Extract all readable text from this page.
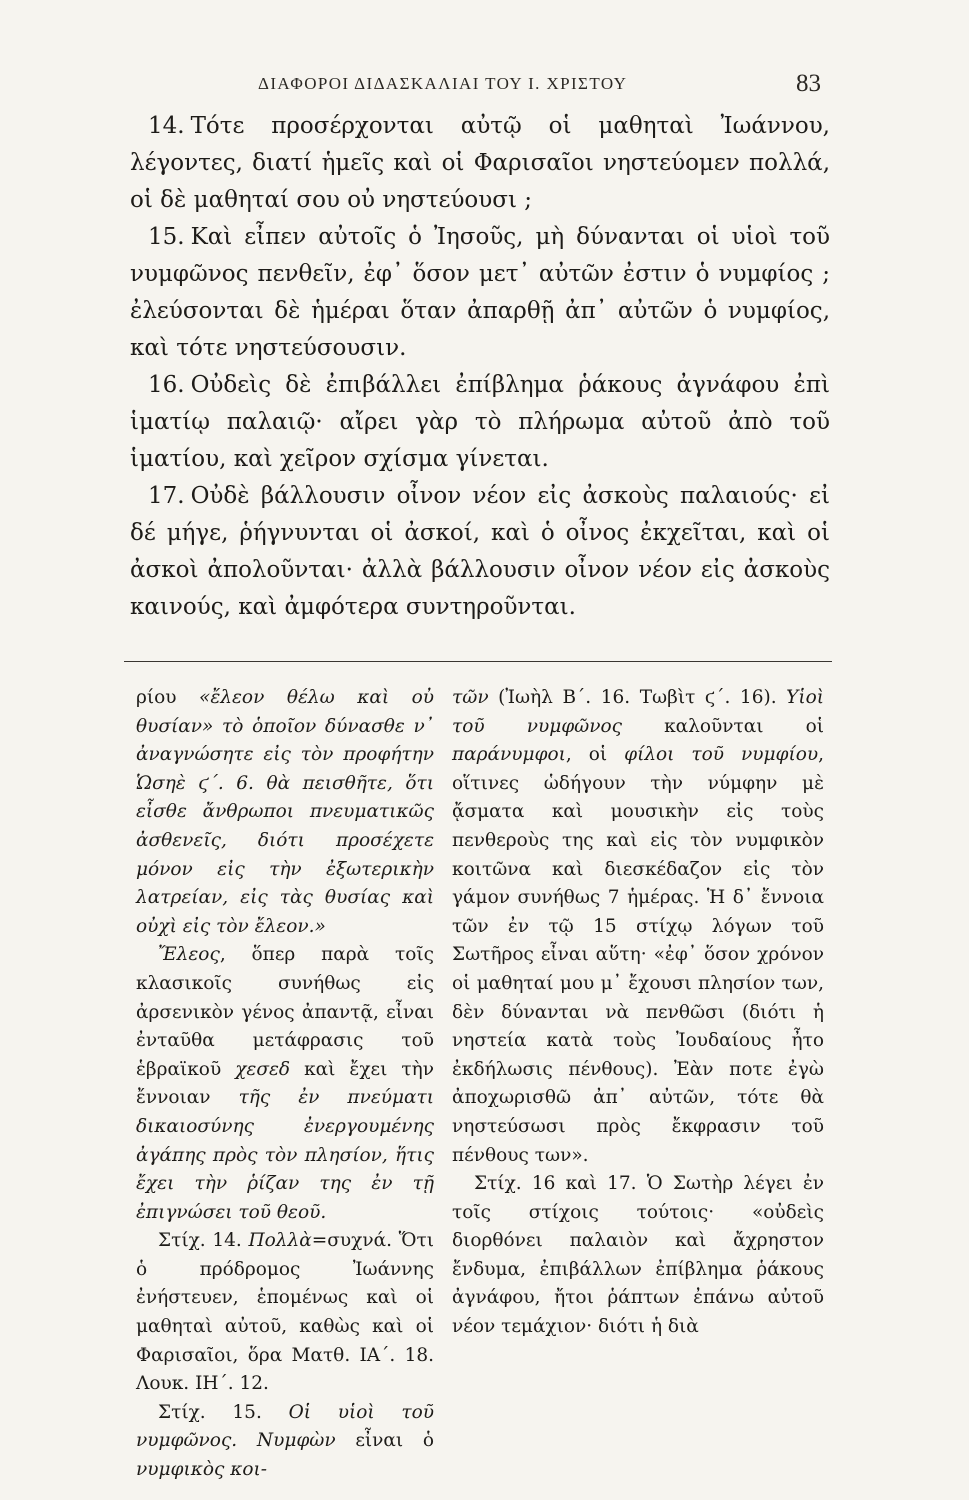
ΔΙΑΦΟΡΟΙ ΔΙΔΑΣΚΑΛΙΑΙ ΤΟΥ Ι. ΧΡΙΣΤΟΥ	83

14. Τότε προσέρχονται αὐτῷ οἱ μαθηταὶ Ἰωάννου, λέγοντες, διατί ἡμεῖς καὶ οἱ Φαρισαῖοι νηστεύομεν πολλά, οἱ δὲ μαθηταί σου οὐ νηστεύουσι ;

15. Καὶ εἶπεν αὐτοῖς ὁ Ἰησοῦς, μὴ δύνανται οἱ υἱοὶ τοῦ νυμφῶνος πενθεῖν, ἐφ᾽ ὅσον μετ᾽ αὐτῶν ἐστιν ὁ νυμφίος ; ἐλεύσονται δὲ ἡμέραι ὅταν ἀπαρθῇ ἀπ᾽ αὐτῶν ὁ νυμφίος, καὶ τότε νηστεύσουσιν.

16. Οὐδεὶς δὲ ἐπιβάλλει ἐπίβλημα ῥάκους ἀγνάφου ἐπὶ ἱματίῳ παλαιῷ· αἴρει γὰρ τὸ πλήρωμα αὐτοῦ ἀπὸ τοῦ ἱματίου, καὶ χεῖρον σχίσμα γίνεται.

17. Οὐδὲ βάλλουσιν οἶνον νέον εἰς ἀσκοὺς παλαιούς· εἰ δέ μήγε, ῥήγνυνται οἱ ἀσκοί, καὶ ὁ οἶνος ἐκχεῖται, καὶ οἱ ἀσκοὶ ἀπολοῦνται· ἀλλὰ βάλλουσιν οἶνον νέον εἰς ἀσκοὺς καινούς, καὶ ἀμφότερα συντηροῦνται.

ρίου «ἔλεον θέλω καὶ οὐ θυσίαν» τὸ ὁποῖον δύνασθε ν᾽ ἀναγνώσητε εἰς τὸν προφήτην Ὡσηὲ ϛ΄. 6. θὰ πεισθῆτε, ὅτι εἶσθε ἄνθρωποι πνευματικῶς ἀσθενεῖς, διότι προσέχετε μόνον εἰς τὴν ἐξωτερικὴν λατρείαν, εἰς τὰς θυσίας καὶ οὐχὶ εἰς τὸν ἔλεον.»

Ἔλεος, ὅπερ παρὰ τοῖς κλασικοῖς συνήθως εἰς ἀρσενικὸν γένος ἀπαντᾷ, εἶναι ἐνταῦθα μετάφρασις τοῦ ἑβραϊκοῦ χεσεδ καὶ ἔχει τὴν ἔννοιαν τῆς ἐν πνεύματι δικαιοσύνης ἐνεργουμένης ἀγάπης πρὸς τὸν πλησίον, ἥτις ἔχει τὴν ῥίζαν της ἐν τῇ ἐπιγνώσει τοῦ θεοῦ.

Στίχ. 14. Πολλὰ=συχνά. Ὅτι ὁ πρόδρομος Ἰωάννης ἐνήστευεν, ἑπομένως καὶ οἱ μαθηταὶ αὐτοῦ, καθὼς καὶ οἱ Φαρισαῖοι, ὅρα Ματθ. ΙΑ΄. 18. Λουκ. ΙΗ΄. 12.

Στίχ. 15. Οἱ υἱοὶ τοῦ νυμφῶνος. Νυμφὼν εἶναι ὁ νυμφικὸς κοι-

τῶν (Ἰωὴλ Β΄. 16. Τωβὶτ ϛ΄. 16). Υἱοὶ τοῦ νυμφῶνος καλοῦνται οἱ παράνυμφοι, οἱ φίλοι τοῦ νυμφίου, οἵτινες ὡδήγουν τὴν νύμφην μὲ ᾄσματα καὶ μουσικὴν εἰς τοὺς πενθεροὺς της καὶ εἰς τὸν νυμφικὸν κοιτῶνα καὶ διεσκέδαζον εἰς τὸν γάμον συνήθως 7 ἡμέρας. Ἡ δ᾽ ἔννοια τῶν ἐν τῷ 15 στίχῳ λόγων τοῦ Σωτῆρος εἶναι αὕτη· «ἐφ᾽ ὅσον χρόνον οἱ μαθηταί μου μ᾽ ἔχουσι πλησίον των, δὲν δύνανται νὰ πενθῶσι (διότι ἡ νηστεία κατὰ τοὺς Ἰουδαίους ἦτο ἐκδήλωσις πένθους). Ἐὰν ποτε ἐγὼ ἀποχωρισθῶ ἀπ᾽ αὐτῶν, τότε θὰ νηστεύσωσι πρὸς ἔκφρασιν τοῦ πένθους των».

Στίχ. 16 καὶ 17. Ὁ Σωτὴρ λέγει ἐν τοῖς στίχοις τούτοις· «οὐδεὶς διορθόνει παλαιὸν καὶ ἄχρηστον ἔνδυμα, ἐπιβάλλων ἐπίβλημα ῥάκους ἀγνάφου, ἤτοι ῥάπτων ἐπάνω αὐτοῦ νέον τεμάχιον· διότι ἡ διὰ
